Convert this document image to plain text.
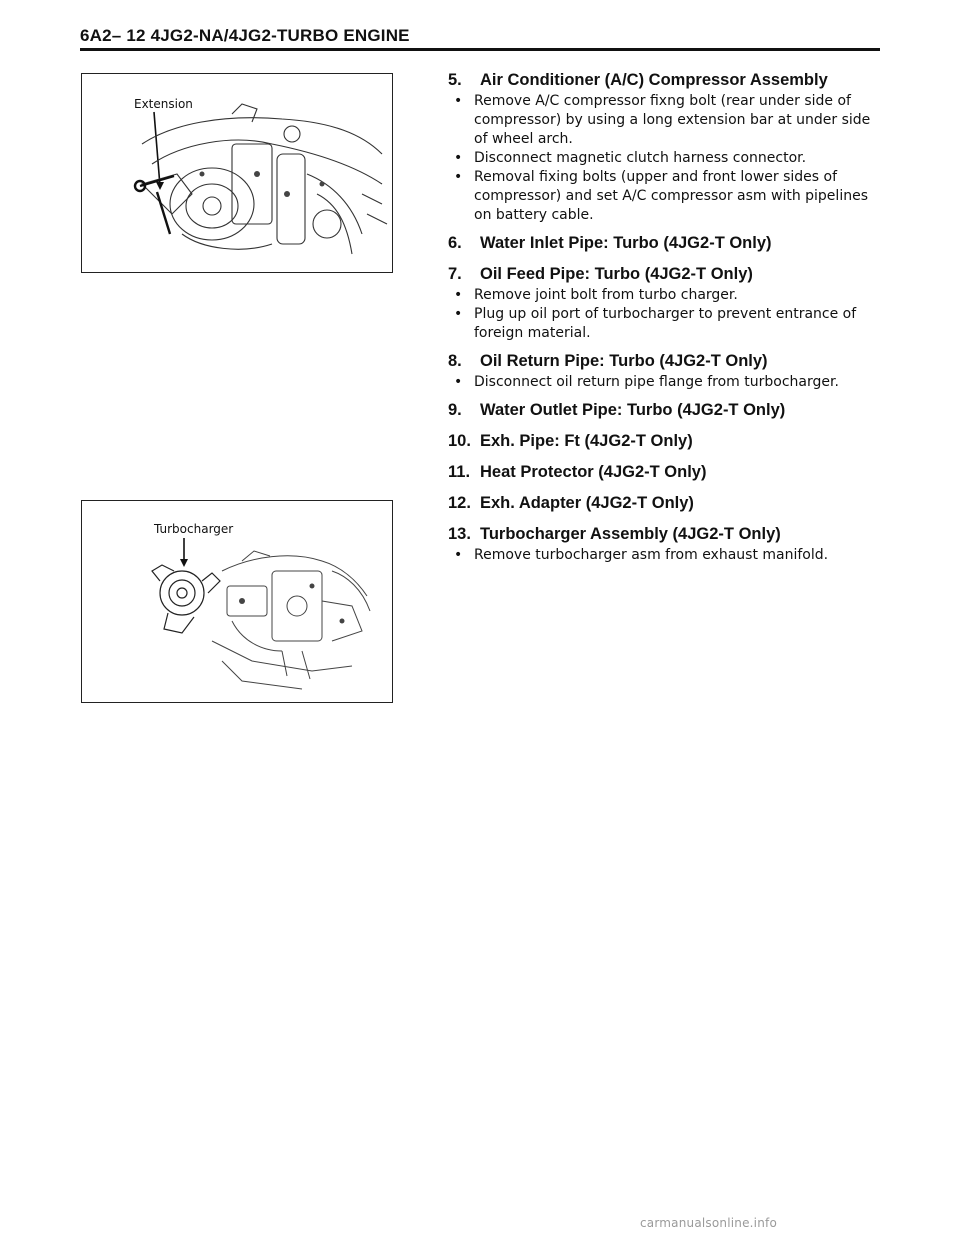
6A2– 12 4JG2-NA/4JG2-TURBO ENGINE
Extension
Turbocharger
5.	Air Conditioner (A/C) Compressor Assembly
• Remove A/C compressor fixng bolt (rear under side of compressor) by using a long extension bar at under side of wheel arch.
• Disconnect magnetic clutch harness connector.
• Removal fixing bolts (upper and front lower sides of compressor) and set A/C compressor asm with pipelines on battery cable.
6.	Water Inlet Pipe: Turbo (4JG2-T Only)
7.	Oil Feed Pipe: Turbo (4JG2-T Only)
• Remove joint bolt from turbo charger.
• Plug up oil port of turbocharger to prevent entrance of foreign material.
8.	Oil Return Pipe: Turbo (4JG2-T Only)
• Disconnect oil return pipe flange from turbocharger.
9.	Water Outlet Pipe: Turbo (4JG2-T Only)
10. Exh. Pipe: Ft (4JG2-T Only)
11. Heat Protector (4JG2-T Only)
12. Exh. Adapter (4JG2-T Only)
13. Turbocharger Assembly (4JG2-T Only)
• Remove turbocharger asm from exhaust manifold.
carmanualsonline.info
